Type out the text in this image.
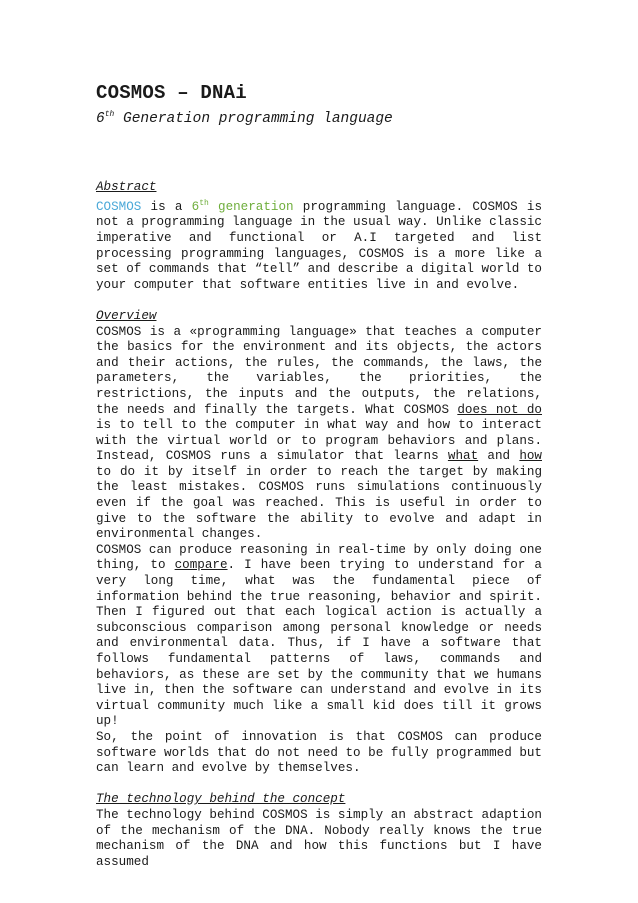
COSMOS – DNAi

6th Generation programming language

Abstract

COSMOS is a 6th generation programming language. COSMOS is not a programming language in the usual way. Unlike classic imperative and functional or A.I targeted and list processing programming languages, COSMOS is a more like a set of commands that “tell” and describe a digital world to your computer that software entities live in and evolve.

Overview

COSMOS is a «programming language» that teaches a computer the basics for the environment and its objects, the actors and their actions, the rules, the commands, the laws, the parameters, the variables, the priorities, the restrictions, the inputs and the outputs, the relations, the needs and finally the targets. What COSMOS does not do is to tell to the computer in what way and how to interact with the virtual world or to program behaviors and plans. Instead, COSMOS runs a simulator that learns what and how to do it by itself in order to reach the target by making the least mistakes. COSMOS runs simulations continuously even if the goal was reached. This is useful in order to give to the software the ability to evolve and adapt in environmental changes.

COSMOS can produce reasoning in real-time by only doing one thing, to compare. I have been trying to understand for a very long time, what was the fundamental piece of information behind the true reasoning, behavior and spirit. Then I figured out that each logical action is actually a subconscious comparison among personal knowledge or needs and environmental data. Thus, if I have a software that follows fundamental patterns of laws, commands and behaviors, as these are set by the community that we humans live in, then the software can understand and evolve in its virtual community much like a small kid does till it grows up!

So, the point of innovation is that COSMOS can produce software worlds that do not need to be fully programmed but can learn and evolve by themselves.

The technology behind the concept

The technology behind COSMOS is simply an abstract adaption of the mechanism of the DNA. Nobody really knows the true mechanism of the DNA and how this functions but I have assumed
